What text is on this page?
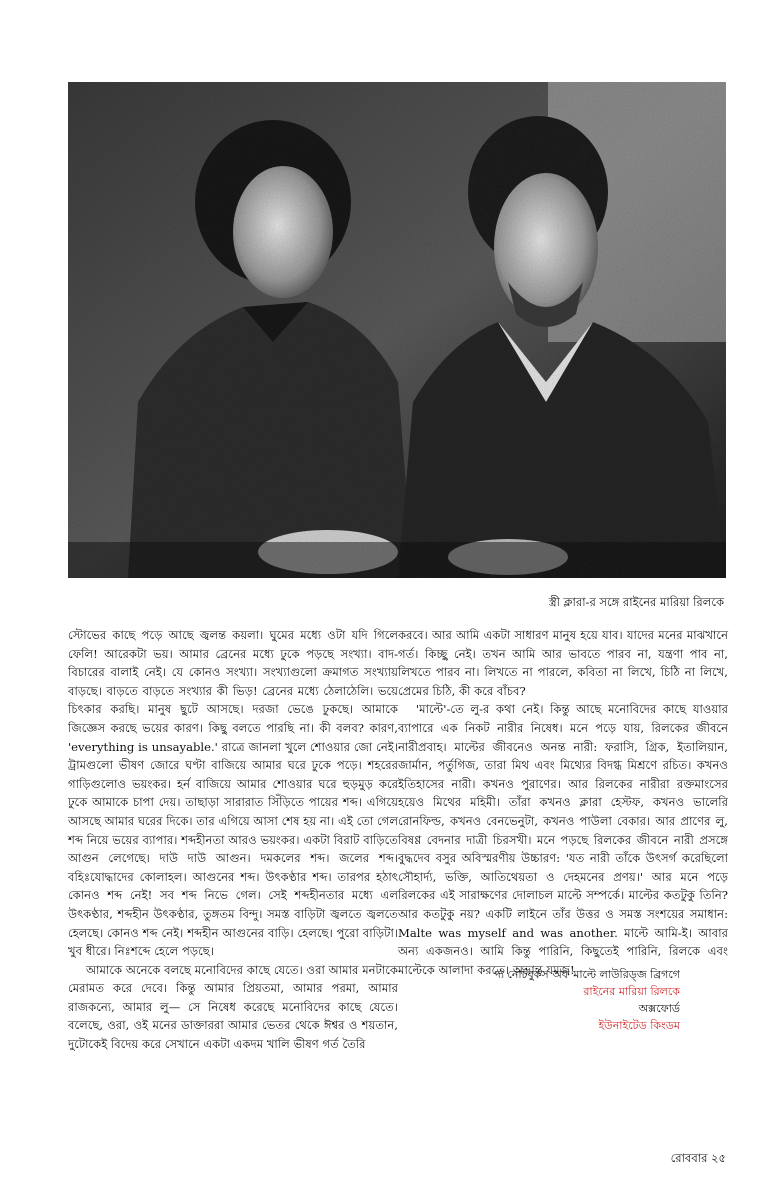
স্ত্রী ক্লারা-র সঙ্গে রাইনের মারিয়া রিলকে

স্টোভের কাছে পড়ে আছে জ্বলন্ত কয়লা। ঘুমের মধ্যে ওটা যদি গিলে ফেলি! আরেকটা ভয়। আমার ব্রেনের মধ্যে ঢুকে পড়ছে সংখ্যা। বাদ-বিচারের বালাই নেই। যে কোনও সংখ্যা। সংখ্যাগুলো ক্রমাগত সংখ্যায় বাড়ছে। বাড়তে বাড়তে সংখ্যার কী ভিড়! ব্রেনের মধ্যে ঠেলাঠেলি। ভয়ে চিৎকার করছি। মানুষ ছুটে আসছে। দরজা ভেঙে ঢুকছে। আমাকে জিজ্ঞেস করছে ভয়ের কারণ। কিছু বলতে পারছি না। কী বলব? কারণ, 'everything is unsayable.' রাত্রে জানলা খুলে শোওয়ার জো নেই। ট্রামগুলো ভীষণ জোরে ঘণ্টা বাজিয়ে আমার ঘরে ঢুকে পড়ে। শহরের গাড়িগুলোও ভয়ংকর। হর্ন বাজিয়ে আমার শোওয়ার ঘরে হুড়মুড় করে ঢুকে আমাকে চাপা দেয়। তাছাড়া সারারাত সিঁড়িতে পায়ের শব্দ। এগিয়ে আসছে আমার ঘরের দিকে। তার এগিয়ে আসা শেষ হয় না। এই তো গেল শব্দ নিয়ে ভয়ের ব্যাপার। শব্দহীনতা আরও ভয়ংকর। একটা বিরাট বাড়িতে আগুন লেগেছে। দাউ দাউ আগুন। দমকলের শব্দ। জলের শব্দ। বহিঃযোদ্ধাদের কোলাহল। আগুনের শব্দ। উৎকণ্ঠার শব্দ। তারপর হঠাৎ কোনও শব্দ নেই! সব শব্দ নিভে গেল। সেই শব্দহীনতার মধ্যে এল উৎকণ্ঠার, শব্দহীন উৎকণ্ঠার, তুঙ্গতম বিন্দু। সমস্ত বাড়িটা জ্বলতে জ্বলতে হেলছে। কোনও শব্দ নেই। শব্দহীন আগুনের বাড়ি। হেলছে। পুরো বাড়িটা। খুব ধীরে। নিঃশব্দে হেলে পড়ছে।

আমাকে অনেকে বলছে মনোবিদের কাছে যেতে। ওরা আমার মনটাকে মেরামত করে দেবে। কিন্তু আমার প্রিয়তমা, আমার পরমা, আমার রাজকন্যে, আমার লু— সে নিষেধ করেছে মনোবিদের কাছে যেতে। বলেছে, ওরা, ওই মনের ডাক্তাররা আমার ভেতর থেকে ঈশ্বর ও শয়তান, দুটোকেই বিদেয় করে সেখানে একটা একদম খালি ভীষণ গর্ত তৈরি

করবে। আর আমি একটা সাধারণ মানুষ হয়ে যাব। যাদের মনের মাঝখানে গর্ত। কিচ্ছু নেই। তখন আমি আর ভাবতে পারব না, যন্ত্রণা পাব না, লিখতে পারব না। লিখতে না পারলে, কবিতা না লিখে, চিঠি না লিখে, প্রেমের চিঠি, কী করে বাঁচব?

'মাল্টে'-তে লু-র কথা নেই। কিন্তু আছে মনোবিদের কাছে যাওয়ার ব্যাপারে এক নিকট নারীর নিষেধ। মনে পড়ে যায়, রিলকের জীবনে নারীপ্রবাহ। মাল্টের জীবনেও অনন্ত নারী: ফরাসি, গ্রিক, ইতালিয়ান, জার্মান, পর্তুগিজ, তারা মিথ এবং মিথ্যের বিদগ্ধ মিশ্রণে রচিত। কখনও ইতিহাসের নারী। কখনও পুরাণের। আর রিলকের নারীরা রক্তমাংসের হয়েও মিথের মহিমী। তাঁরা কখনও ক্লারা হেস্টফ, কখনও ভালেরি রোনফিল্ড, কখনও বেনভেনুটা, কখনও পাউলা বেকার। আর প্রাণের লু, বিষণ্ণ বেদনার দাত্রী চিরসখী। মনে পড়ছে রিলকের জীবনে নারী প্রসঙ্গে বুদ্ধদেব বসুর অবিস্মরণীয় উচ্চারণ: 'যত নারী তাঁকে উৎসর্গ করেছিলো সৌহার্দ্য, ভক্তি, আতিথেয়তা ও দেহমনের প্রণয়।' আর মনে পড়ে রিলকের এই সারাক্ষণের দোলাচল মাল্টে সম্পর্কে। মাল্টের কতটুকু তিনি? আর কতটুকু নয়? একটি লাইনে তাঁর উত্তর ও সমস্ত সংশয়ের সমাধান: Malte was myself and was another. মাল্টে আমি-ই। আবার অন্য একজনও। আমি কিন্তু পারিনি, কিছুতেই পারিনি, রিলকে এবং মাল্টেকে আলাদা করতে। অভ্রান্ত যমজ!

দ্য নোটবুকস অফ মাল্টে লাউরিড্জ ব্রিগগে
রাইনের মারিয়া রিলকে
অক্সফোর্ড
ইউনাইটেড কিংডম
রোববার ২৫
